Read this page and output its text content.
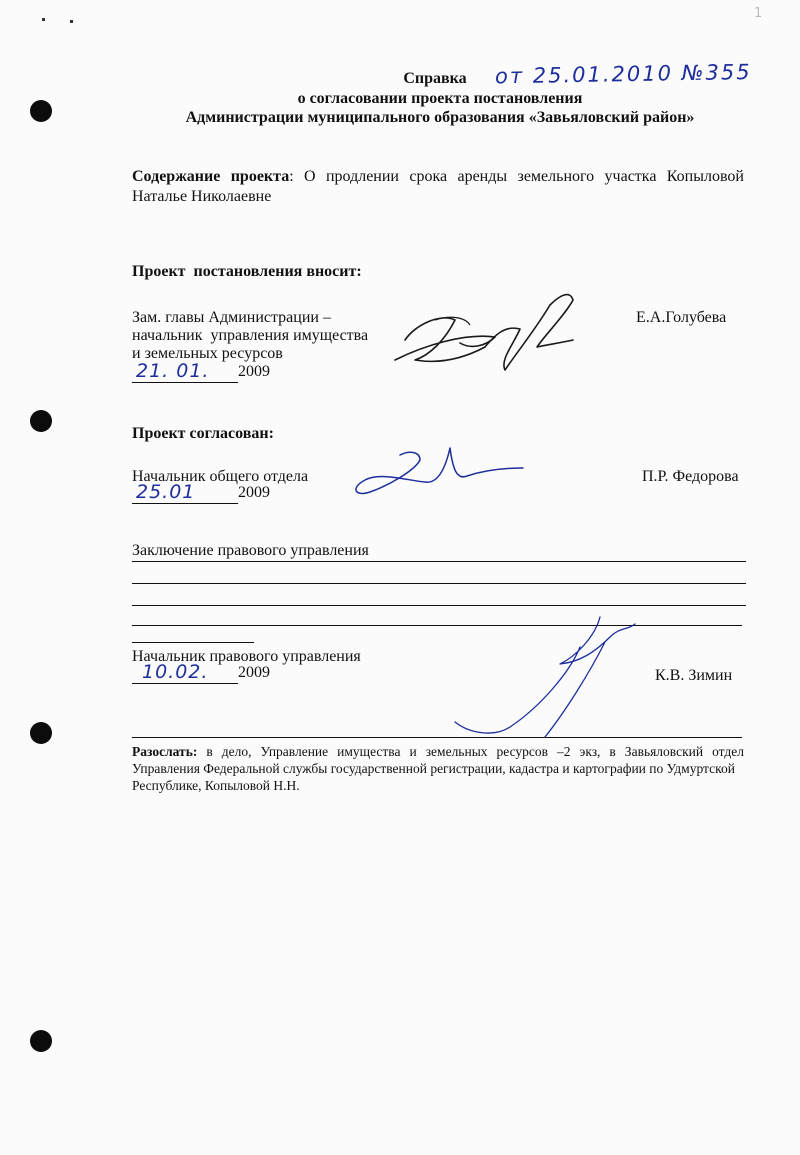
1
Справка	от 25.01.2010 №355
о согласовании проекта постановления
Администрации муниципального образования «Завьяловский район»
Содержание проекта: О продлении срока аренды земельного участка Копыловой
Наталье Николаевне
Проект  постановления вносит:
Зам. главы Администрации –
начальник  управления имущества
и земельных ресурсов
21. 01. 2009
Е.А.Голубева
Проект согласован:
Начальник общего отдела
25.01	2009
П.Р. Федорова
Заключение правового управления
Начальник правового управления
10.02. 2009	К.В. Зимин
Разослать: в дело, Управление имущества и земельных ресурсов –2 экз, в Завьяловский отдел
Управления Федеральной службы государственной регистрации, кадастра и картографии по Удмуртской
Республике, Копыловой Н.Н.
